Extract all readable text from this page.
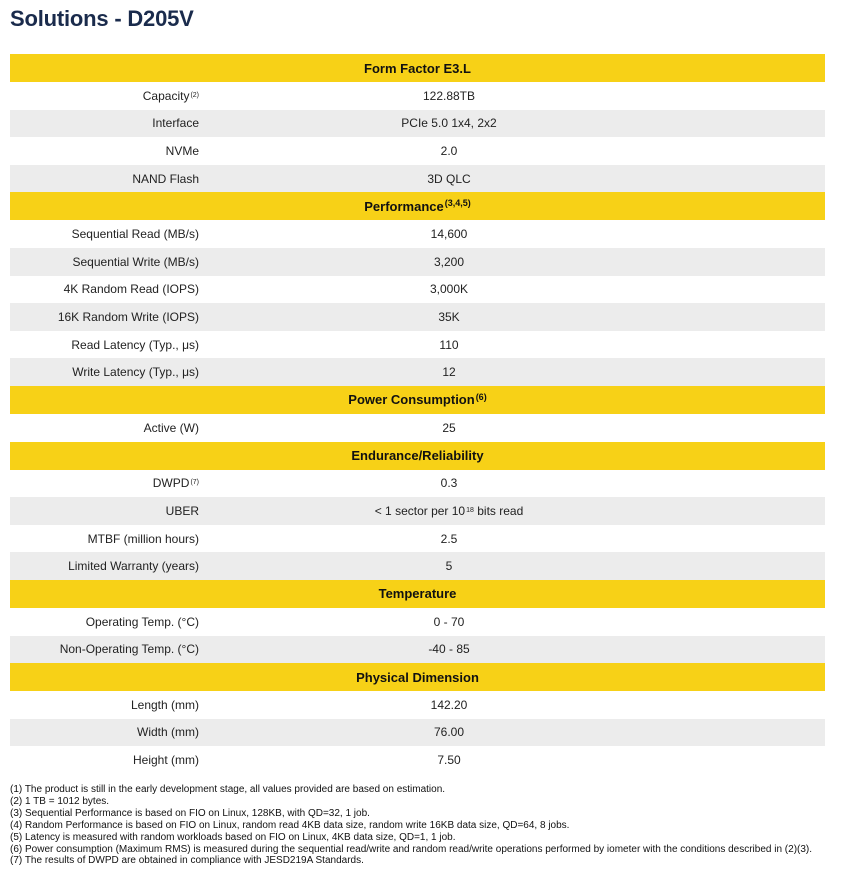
Solutions - D205V
Form Factor E3.L
Capacity$^{(2)}$	122.88TB
Interface	PCIe 5.0 1x4, 2x2
NVMe	2.0
NAND Flash	3D QLC
Performance$^{(3,4,5)}$
Sequential Read (MB/s)	14,600
Sequential Write (MB/s)	3,200
4K Random Read (IOPS)	3,000K
16K Random Write (IOPS)	35K
Read Latency (Typ., μs)	110
Write Latency (Typ., μs)	12
Power Consumption$^{(6)}$
Active (W)	25
Endurance/Reliability
DWPD$^{(7)}$	0.3
UBER	< 1 sector per $10^{18}$ bits read
MTBF (million hours)	2.5
Limited Warranty (years)	5
Temperature
Operating Temp. (°C)	0 - 70
Non-Operating Temp. (°C)	-40 - 85
Physical Dimension
Length (mm)	142.20
Width (mm)	76.00
Height (mm)	7.50
(1) The product is still in the early development stage, all values provided are based on estimation.
(2) 1 TB = 1012 bytes.
(3) Sequential Performance is based on FIO on Linux, 128KB, with QD=32, 1 job.
(4) Random Performance is based on FIO on Linux, random read 4KB data size, random write 16KB data size, QD=64, 8 jobs.
(5) Latency is measured with random workloads based on FIO on Linux, 4KB data size, QD=1, 1 job.
(6) Power consumption (Maximum RMS) is measured during the sequential read/write and random read/write operations performed by iometer with the conditions described in (2)(3).
(7) The results of DWPD are obtained in compliance with JESD219A Standards.
